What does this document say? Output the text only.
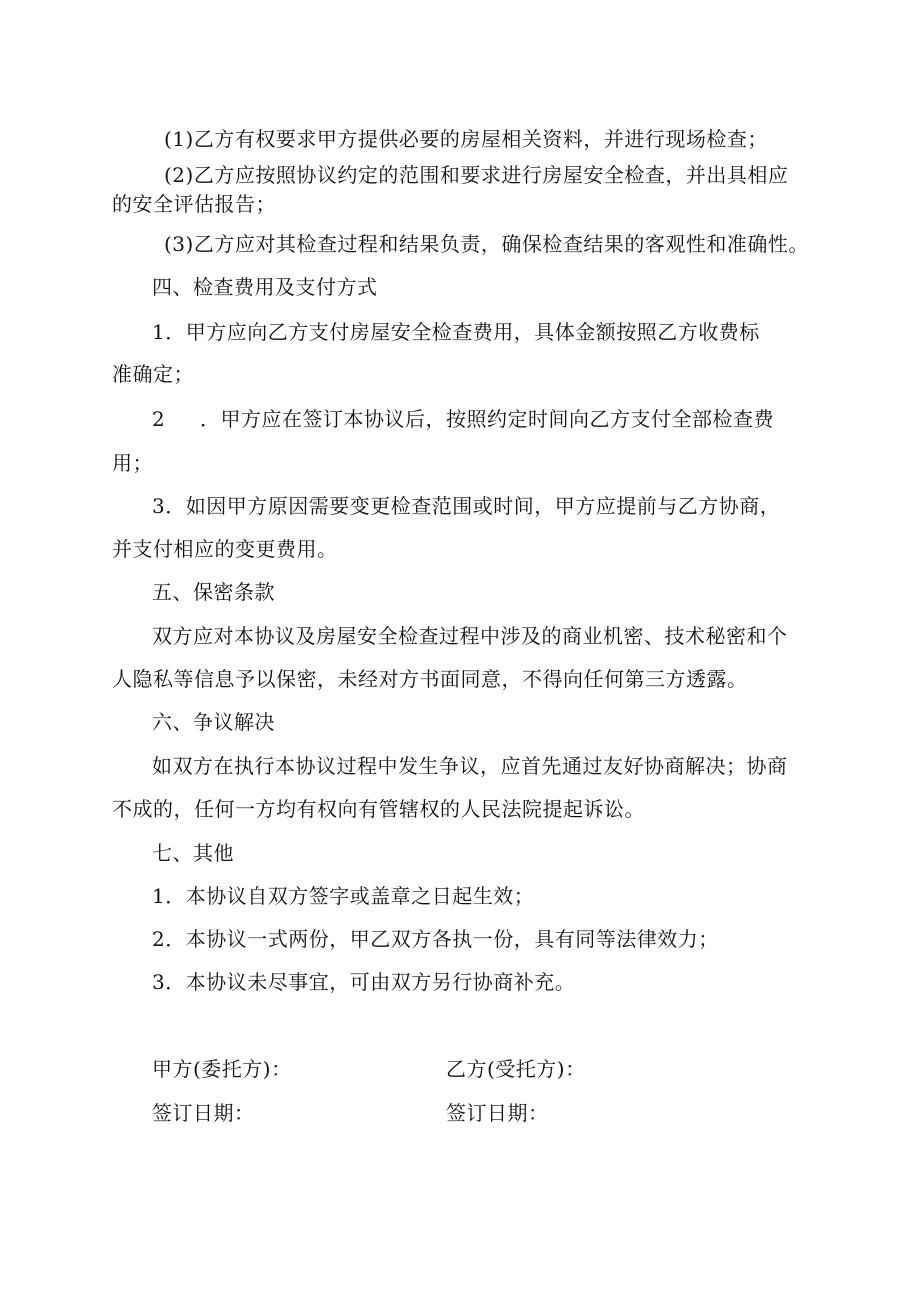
(1)乙方有权要求甲方提供必要的房屋相关资料，并进行现场检查；
(2)乙方应按照协议约定的范围和要求进行房屋安全检查，并出具相应
的安全评估报告；
(3)乙方应对其检查过程和结果负责，确保检查结果的客观性和准确性。
四、检查费用及支付方式
1．甲方应向乙方支付房屋安全检查费用，具体金额按照乙方收费标
准确定；
2 ．甲方应在签订本协议后，按照约定时间向乙方支付全部检查费
用；
3．如因甲方原因需要变更检查范围或时间，甲方应提前与乙方协商，
并支付相应的变更费用。
五、保密条款
双方应对本协议及房屋安全检查过程中涉及的商业机密、技术秘密和个
人隐私等信息予以保密，未经对方书面同意，不得向任何第三方透露。
六、争议解决
如双方在执行本协议过程中发生争议，应首先通过友好协商解决；协商
不成的，任何一方均有权向有管辖权的人民法院提起诉讼。
七、其他
1．本协议自双方签字或盖章之日起生效；
2．本协议一式两份，甲乙双方各执一份，具有同等法律效力；
3．本协议未尽事宜，可由双方另行协商补充。
甲方(委托方)：	乙方(受托方)：
签订日期：	签订日期：
